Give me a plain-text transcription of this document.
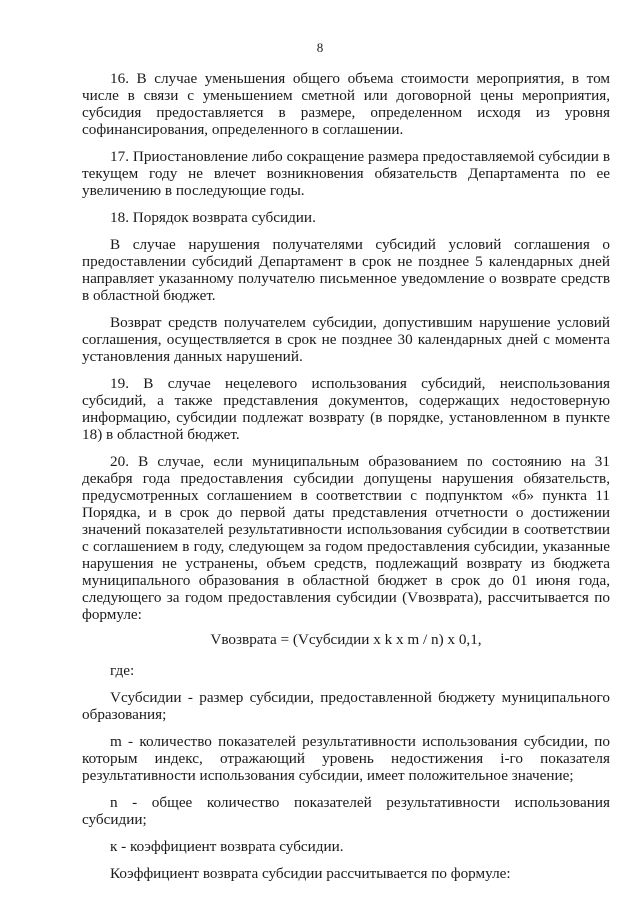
8

16. В случае уменьшения общего объема стоимости мероприятия, в том числе в связи с уменьшением сметной или договорной цены мероприятия, субсидия предоставляется в размере, определенном исходя из уровня софинансирования, определенного в соглашении.

17. Приостановление либо сокращение размера предоставляемой субсидии в текущем году не влечет возникновения обязательств Департамента по ее увеличению в последующие годы.

18. Порядок возврата субсидии.

В случае нарушения получателями субсидий условий соглашения о предоставлении субсидий Департамент в срок не позднее 5 календарных дней направляет указанному получателю письменное уведомление о возврате средств в областной бюджет.

Возврат средств получателем субсидии, допустившим нарушение условий соглашения, осуществляется в срок не позднее 30 календарных дней с момента установления данных нарушений.

19. В случае нецелевого использования субсидий, неиспользования субсидий, а также представления документов, содержащих недостоверную информацию, субсидии подлежат возврату (в порядке, установленном в пункте 18) в областной бюджет.

20. В случае, если муниципальным образованием по состоянию на 31 декабря года предоставления субсидии допущены нарушения обязательств, предусмотренных соглашением в соответствии с подпунктом «б» пункта 11 Порядка, и в срок до первой даты представления отчетности о достижении значений показателей результативности использования субсидии в соответствии с соглашением в году, следующем за годом предоставления субсидии, указанные нарушения не устранены, объем средств, подлежащий возврату из бюджета муниципального образования в областной бюджет в срок до 01 июня года, следующего за годом предоставления субсидии (Vвозврата), рассчитывается по формуле:

Vвозврата = (Vсубсидии x k x m / n) x 0,1,

где:

Vсубсидии - размер субсидии, предоставленной бюджету муниципального образования;

m - количество показателей результативности использования субсидии, по которым индекс, отражающий уровень недостижения i-го показателя результативности использования субсидии, имеет положительное значение;

n - общее количество показателей результативности использования субсидии;

к - коэффициент возврата субсидии.

Коэффициент возврата субсидии рассчитывается по формуле:
